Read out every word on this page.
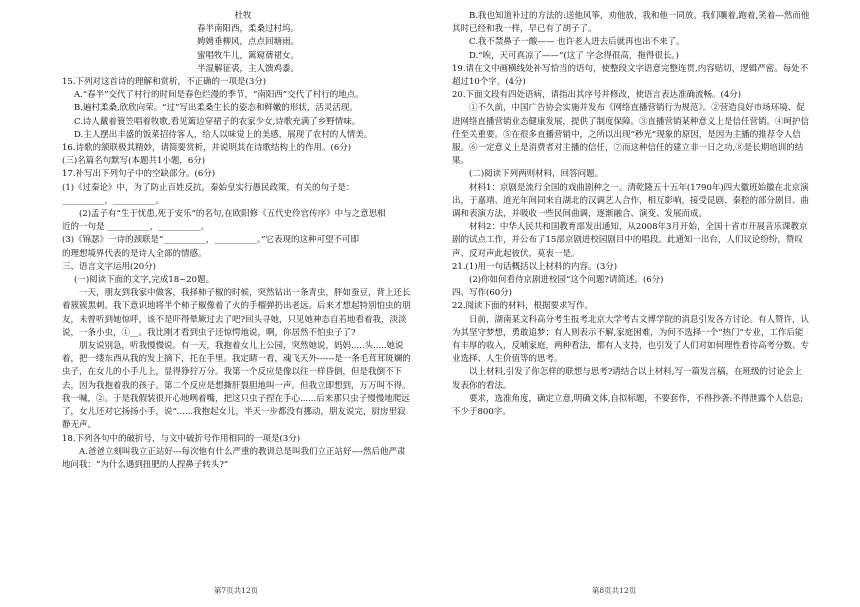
杜牧

春半南阳西，柔桑过村坞。

娉娉垂柳风，点点回塘雨。

蜜唱牧牛儿，篱窥蒨裙女。

半湿解征裘，主人馈鸡黍。

15.下列对这首诗的理解和赏析，不正确的一项是(3分)

A.“春半”交代了村行的时间是春色烂漫的季节，“南阳西”交代了村行的地点。

B.遍村柔桑,欣欣向荣。“过”写出柔桑生长的姿态和鲜嫩的形状，活灵活现。

C.诗人戴着簑笠唱着牧歌,看见篱边穿裙子的农家少女,诗歌充满了乡野情味。

D.主人摆出丰盛的饭菜招待客人，给人以味觉上的美感，展现了农村的人情美。

16.诗歌的颔联极其精妙，请简要赏析，并说明其在诗歌结构上的作用。(6分)

(三)名篇名句默写(本题共1小题，6分)

17.补写出下列句子中的空缺部分。(6分)

(1)《过秦论》中，为了防止百姓反抗，秦始皇实行愚民政策，有关的句子是：

__________，__________。

(2)孟子有“生于忧患,死于安乐”的名句,在欧阳修《五代史伶官传序》中与之意思相

近的一句是 __________，__________。

(3)《锦瑟》一诗的颈联是“__________，__________。”它表现的这种可望不可即

的理想境界代表的是诗人全部的情感。

三、语言文字运用(20分)

(一)阅读下面的文字,完成18~20题。

一天，朋友到我家中做客，我择柿子椒的时候，突然钻出一条青虫，胖如蚕豆，背上还长着簇簇黑刺。我下意识地将半个柿子椒像着了火的手榴弹扔出老远。后来才想起特别怕虫的朋友，未曾听到她惊呼，该不是吓得晕厥过去了吧?回头寻她，只见她神态自若地看着我，淡淡说，一条小虫，①__。我比刚才看到虫子还惊愕地说，啊，你居然不怕虫子了?

朋友说别急，听我慢慢说。有一天，我抱着女儿上公园，突然她说，妈妈.....头.....她说着，把一缕东西从我的发上摘下，托在手里。我定睛一看，魂飞天外------是一条毛茸茸斑斓的虫子，在女儿的小手儿上，显得狰狞万分。我第一个反应是像以往一样昏倒，但是我倒不下去，因为我抱着我的孩子。第二个反应是想撕肝裂胆地叫一声。但我立即想到，万万叫不得。我一喊，②。于是我假装很开心地咧着嘴，把这只虫子捏在手心......后来那只虫子慢慢地爬远了，女儿还对它扬扬小手，说“......我抱起女儿，半天一步都没有挪动，朋友说完，厨房里寂静无声。

18.下列各句中的破折号，与文中破折号作用相同的一项是(3分)

A.爸爸立刻叫我立正站好---每次他有什么严重的教训总是叫我们立正站好----然后他严肃地问我：“为什么遇到扭肥的人捏鼻子转头?”

B.我也知道补过的方法的:送他风筝，劝他放，我和他一同放。我们嚷着,跑着,笑着---然而他其时已经和我一样，早已有了胡子了。

C.我不禁鼻子一酸—— 也许老人进去后就再也出不来了。

D.“唉，天可真凉了——”(这了 字念得很高，拖得很长。)

19.请在文中画横线处补写恰当的语句，使整段文字语意完整连贯,内容贴切，逻辑严密。每处不超过10个字。(4分)

20.下面文段有四处语病，请指出其序号并修改，使语言表达准确流畅。(4分)

①不久前，中国广告协会实施并发布《网络直播营销行为规范》。②营造良好市场环境、促进网络直播营销业态健康发展，提供了制度保障。③直播营销某种意义上是信任营销。④呵护信任至关重要。⑤在很多直播营销中，之所以出现“秒光”现象的原因，是因为主播的推荐令人信服。⑥一定意义上是消费者对主播的信任，⑦而这种信任的建立非一日之功,⑧是长期培训的结果。

(二)阅读下列两则材料，回答问题。

材料1：京剧是流行全国的戏曲剧种之一。清乾隆五十五年(1790年)四大徽班始徽在北京演出，于嘉靖、道光年间同来自湖北的汉调艺人合作，相互影响，接受昆剧、秦腔的部分剧目、曲调和表演方法，并吸收一些民间曲调，逐渐融合、演变、发展而成。

材料2：中华人民共和国教育部发出通知，从2008年3月开始，全国十省市开展音乐课教京剧的试点工作，并公布了15部京剧进校园剧目中的唱段。此通知一出台，人们议论纷纷，赞叹声、反对声此起彼伏，莫衷一是。

21.(1)用一句话概括以上材料的内容。(3分)

(2)你如何看待京剧进校园“这个问题?请简述。(6分)

四、写作(60分)

22.阅读下面的材料，根据要求写作。

日前，湖南某文科高分考生报考北京大学考古文博学院的消息引发各方讨论。有人赞许，认为其坚守梦想，勇敢追梦；有人则表示不解,家庭困难，为何不选择一个“热门”专业，工作后能有丰厚的收入，反哺家庭，两种看法，都有人支持，也引发了人们对如何理性看待高考分数、专业选择、人生价值等的思考。

以上材料,引发了你怎样的联想与思考?请结合以上材料,写一篇发言稿，在班级的讨论会上发表你的看法。

要求，选准角度，确定立意,明确文体,自拟标题，不要套作，不得抄袭:不得泄露个人信息;不少于800字。

第7页共12页	第8页共12页
